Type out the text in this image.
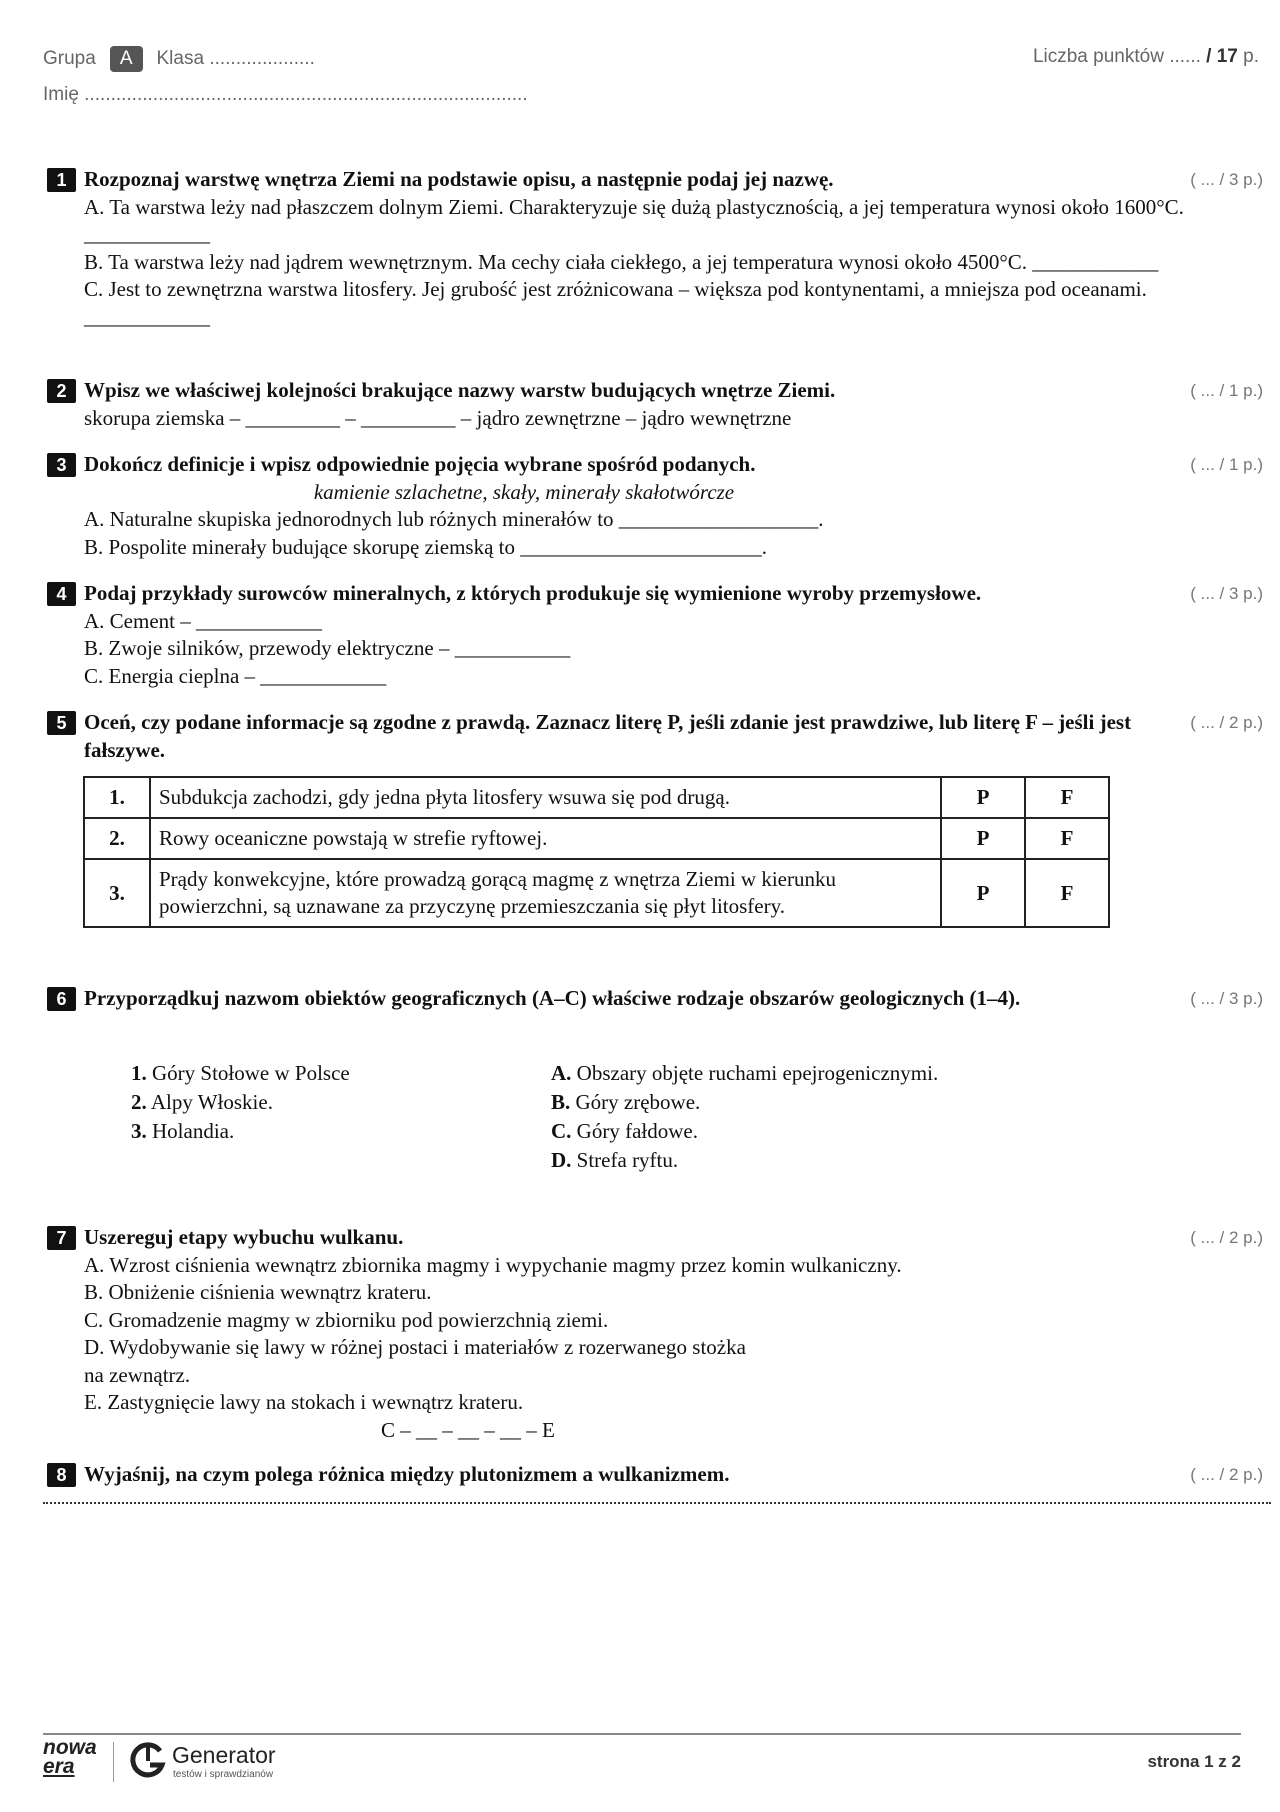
Grupa	A	Klasa ....................	Liczba punktów ...... / 17 p.
Imię ....................................................................................
1	( ... / 3 p.)
Rozpoznaj warstwę wnętrza Ziemi na podstawie opisu, a następnie podaj jej nazwę.
A. Ta warstwa leży nad płaszczem dolnym Ziemi. Charakteryzuje się dużą plastycznością, a jej temperatura wynosi około 1600°C. ____________
B. Ta warstwa leży nad jądrem wewnętrznym. Ma cechy ciała ciekłego, a jej temperatura wynosi około 4500°C. ____________
C. Jest to zewnętrzna warstwa litosfery. Jej grubość jest zróżnicowana – większa pod kontynentami, a mniejsza pod oceanami. ____________
2	( ... / 1 p.)
Wpisz we właściwej kolejności brakujące nazwy warstw budujących wnętrze Ziemi.
skorupa ziemska – _________ – _________ – jądro zewnętrzne – jądro wewnętrzne
3	( ... / 1 p.)
Dokończ definicje i wpisz odpowiednie pojęcia wybrane spośród podanych.
kamienie szlachetne, skały, minerały skałotwórcze
A. Naturalne skupiska jednorodnych lub różnych minerałów to ___________________.
B. Pospolite minerały budujące skorupę ziemską to _______________________.
4	( ... / 3 p.)
Podaj przykłady surowców mineralnych, z których produkuje się wymienione wyroby przemysłowe.
A. Cement – ____________
B. Zwoje silników, przewody elektryczne – ___________
C. Energia cieplna – ____________
5	( ... / 2 p.)
Oceń, czy podane informacje są zgodne z prawdą. Zaznacz literę P, jeśli zdanie jest prawdziwe, lub literę F – jeśli jest fałszywe.
1.	Subdukcja zachodzi, gdy jedna płyta litosfery wsuwa się pod drugą.	P	F
2.	Rowy oceaniczne powstają w strefie ryftowej.	P	F
3.	Prądy konwekcyjne, które prowadzą gorącą magmę z wnętrza Ziemi w kierunku powierzchni, są uznawane za przyczynę przemieszczania się płyt litosfery.	P	F
6	( ... / 3 p.)
Przyporządkuj nazwom obiektów geograficznych (A–C) właściwe rodzaje obszarów geologicznych (1–4).
1. Góry Stołowe w Polsce
2. Alpy Włoskie.
3. Holandia.
A. Obszary objęte ruchami epejrogenicznymi.
B. Góry zrębowe.
C. Góry fałdowe.
D. Strefa ryftu.
7	( ... / 2 p.)
Uszereguj etapy wybuchu wulkanu.
A. Wzrost ciśnienia wewnątrz zbiornika magmy i wypychanie magmy przez komin wulkaniczny.
B. Obniżenie ciśnienia wewnątrz krateru.
C. Gromadzenie magmy w zbiorniku pod powierzchnią ziemi.
D. Wydobywanie się lawy w różnej postaci i materiałów z rozerwanego stożka
na zewnątrz.
E. Zastygnięcie lawy na stokach i wewnątrz krateru.
C – __ – __ – __ – E
8	( ... / 2 p.)
Wyjaśnij, na czym polega różnica między plutonizmem a wulkanizmem.
nowa
era	Generator
testów i sprawdzianów
strona 1 z 2
